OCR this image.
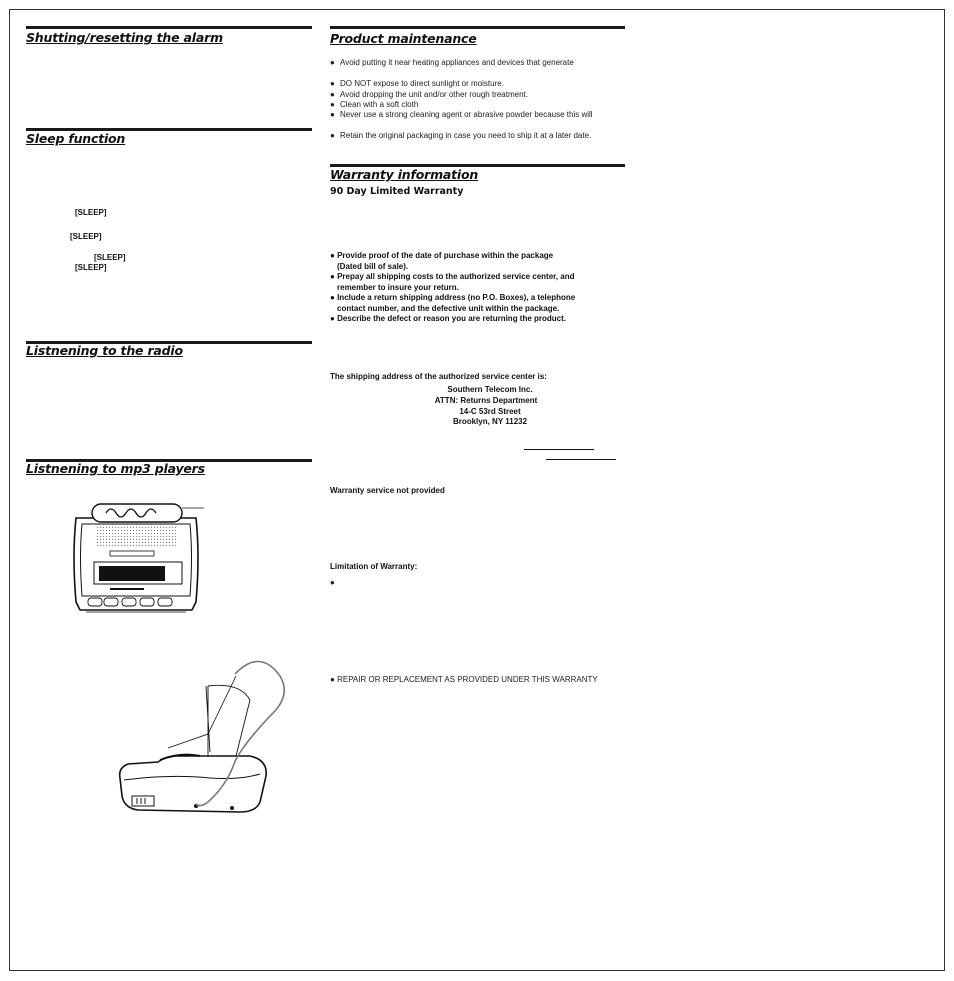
Shutting/resetting the alarm
Sleep function
[SLEEP]
[SLEEP]
[SLEEP]
[SLEEP]
Listnening to the radio
Listnening to mp3 players
Product maintenance
● Avoid putting it near heating appliances and devices that generate
● DO NOT expose to direct sunlight or moisture.
● Avoid dropping the unit and/or other rough treatment.
● Clean with a soft cloth
● Never use a strong cleaning agent or abrasive powder because this will
● Retain the original packaging in case you need to ship it at a later date.
Warranty information
90 Day Limited Warranty
● Provide proof of the date of purchase within the package
(Dated bill of sale).
● Prepay all shipping costs to the authorized service center, and
remember to insure your return.
● Include a return shipping address (no P.O. Boxes), a telephone
contact number, and the defective unit within the package.
● Describe the defect or reason you are returning the product.
The shipping address of the authorized service center is:
Southern Telecom Inc.
ATTN: Returns Department
14-C 53rd Street
Brooklyn, NY 11232
Warranty service not provided
Limitation of Warranty:
●
● REPAIR OR REPLACEMENT AS PROVIDED UNDER THIS WARRANTY
